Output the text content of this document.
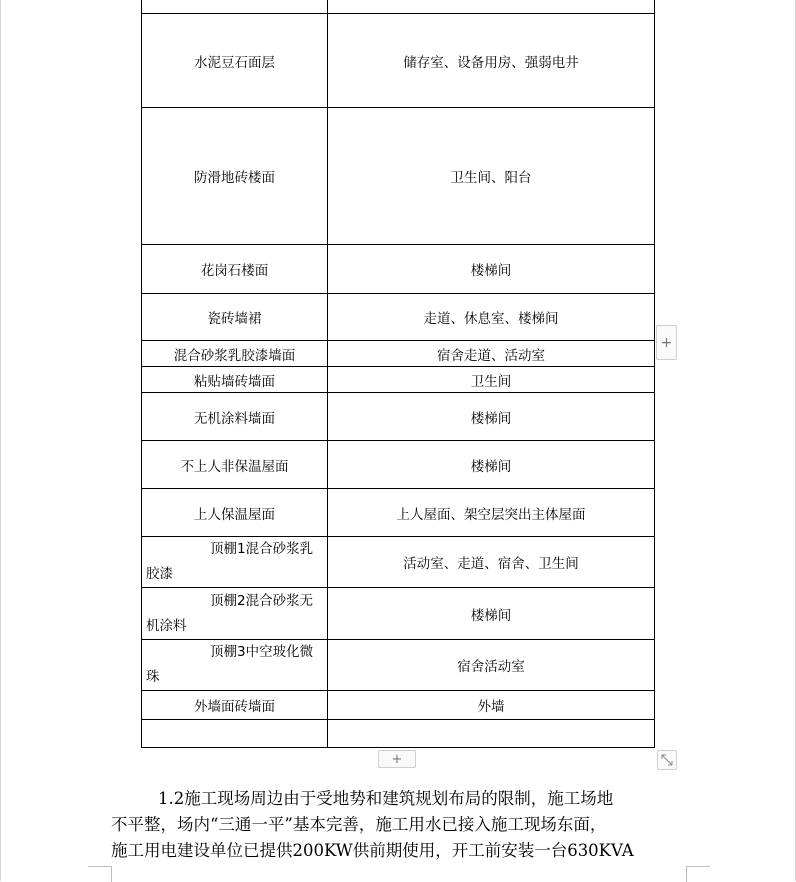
水泥豆石面层	储存室、设备用房、强弱电井
防滑地砖楼面	卫生间、阳台
花岗石楼面	楼梯间
瓷砖墙裙	走道、休息室、楼梯间
混合砂浆乳胶漆墙面	宿舍走道、活动室
粘贴墙砖墙面	卫生间
无机涂料墙面	楼梯间
不上人非保温屋面	楼梯间
上人保温屋面	上人屋面、架空层突出主体屋面
顶棚1混合砂浆乳
胶漆	活动室、走道、宿舍、卫生间
顶棚2混合砂浆无
机涂料	楼梯间
顶棚3中空玻化微
珠	宿舍活动室
外墙面砖墙面	外墙

+
+

1.2施工现场周边由于受地势和建筑规划布局的限制，施工场地

不平整，场内“三通一平”基本完善，施工用水已接入施工现场东面，

施工用电建设单位已提供200KW供前期使用，开工前安装一台630KVA
